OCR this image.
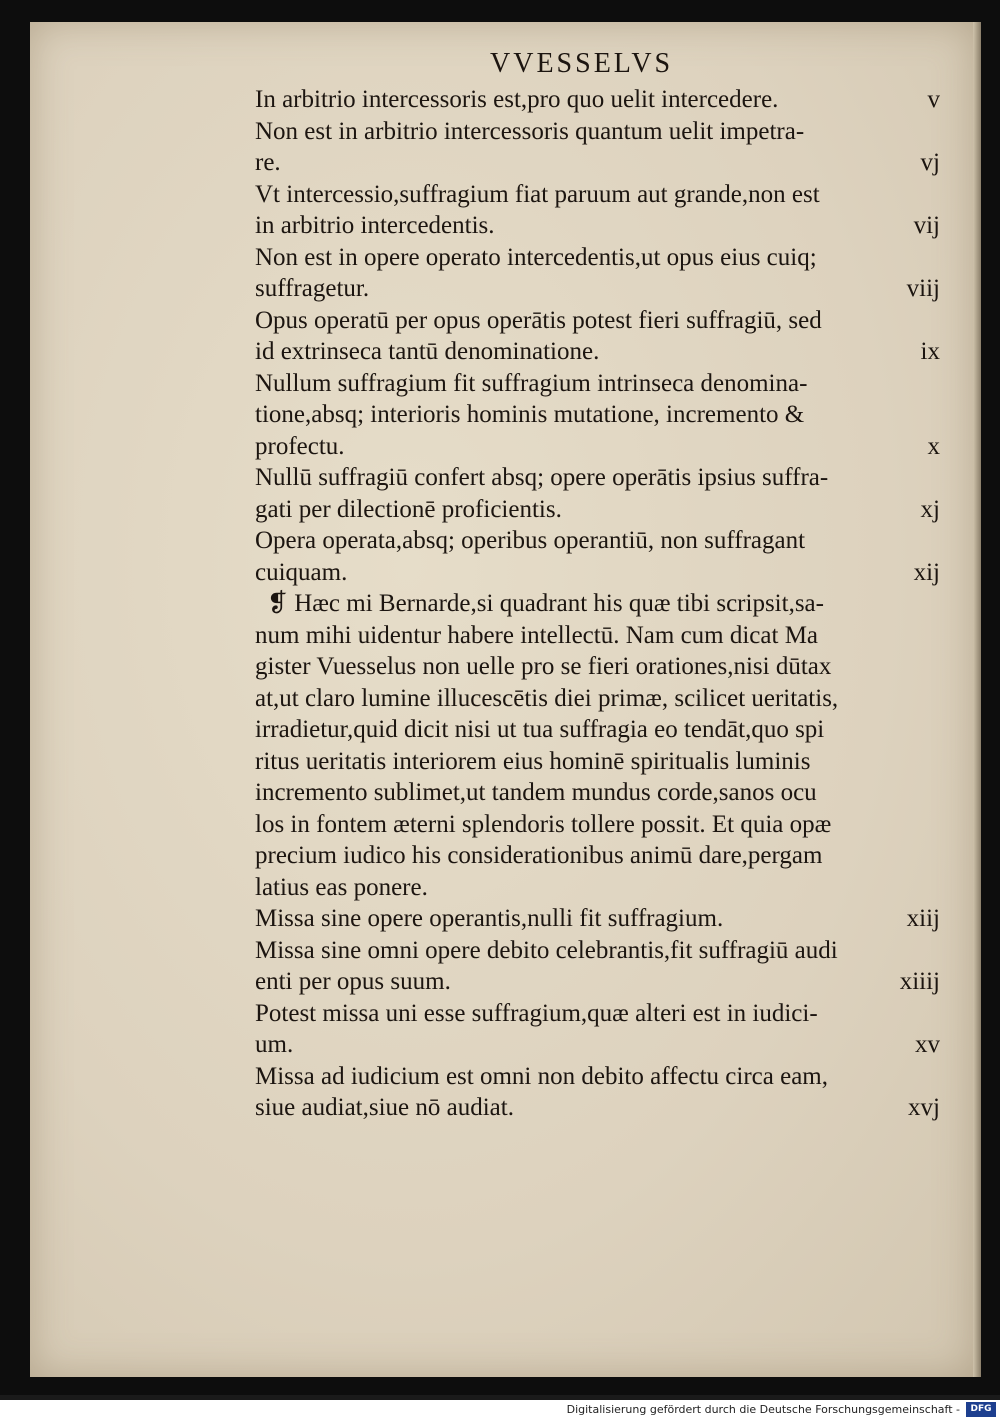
VVESSELVS
In arbitrio intercessoris est,pro quo uelit intercedere.	v
Non est in arbitrio intercessoris quantum uelit impetra-
re.	vj
Vt intercessio,suffragium fiat paruum aut grande,non est
in arbitrio intercedentis.	vij
Non est in opere operato intercedentis,ut opus eius cuiq;
suffragetur.	viij
Opus operatū per opus operātis potest fieri suffragiū, sed
id extrinseca tantū denominatione.	ix
Nullum suffragium fit suffragium intrinseca denomina-
tione,absq; interioris hominis mutatione, incremento &
profectu.	x
Nullū suffragiū confert absq; opere operātis ipsius suffra-
gati per dilectionē proficientis.	xj
Opera operata,absq; operibus operantiū, non suffragant
cuiquam.	xij
❡ Hæc mi Bernarde,si quadrant his quæ tibi scripsit,sa-
num mihi uidentur habere intellectū. Nam cum dicat Ma
gister Vuesselus non uelle pro se fieri orationes,nisi dūtax
at,ut claro lumine illucescētis diei primæ, scilicet ueritatis,
irradietur,quid dicit nisi ut tua suffragia eo tendāt,quo spi
ritus ueritatis interiorem eius hominē spiritualis luminis
incremento sublimet,ut tandem mundus corde,sanos ocu
los in fontem æterni splendoris tollere possit. Et quia opæ
precium iudico his considerationibus animū dare,pergam
latius eas ponere.
Missa sine opere operantis,nulli fit suffragium.	xiij
Missa sine omni opere debito celebrantis,fit suffragiū audi
enti per opus suum.	xiiij
Potest missa uni esse suffragium,quæ alteri est in iudici-
um.	xv
Missa ad iudicium est omni non debito affectu circa eam,
siue audiat,siue nō audiat.	xvj
Digitalisierung gefördert durch die Deutsche Forschungsgemeinschaft -	DFG
